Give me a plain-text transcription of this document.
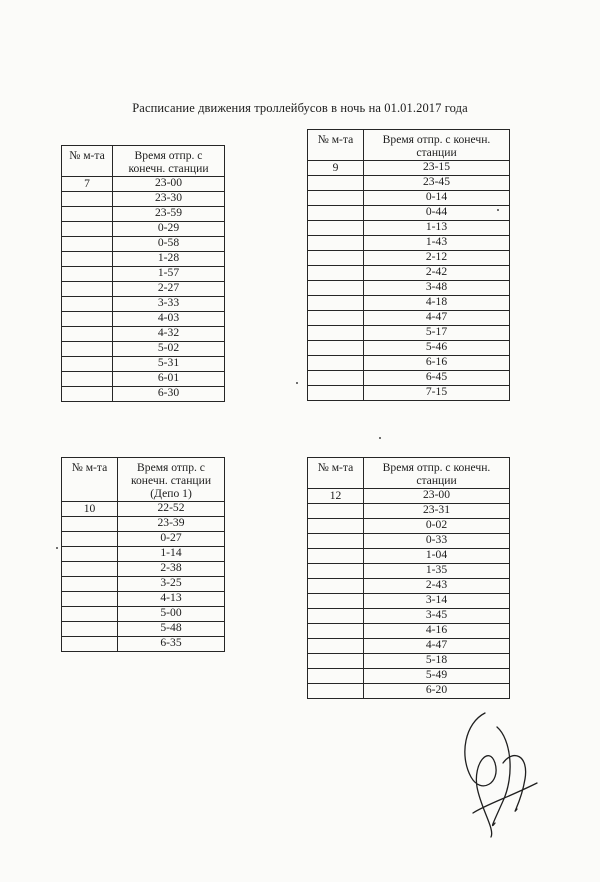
Расписание движения троллейбусов в ночь на 01.01.2017 года
№ м-та	Время отпр. с конечн. станции
7	23-00
	23-30
	23-59
	0-29
	0-58
	1-28
	1-57
	2-27
	3-33
	4-03
	4-32
	5-02
	5-31
	6-01
	6-30
№ м-та	Время отпр. с конечн. станции
9	23-15
	23-45
	0-14
	0-44
	1-13
	1-43
	2-12
	2-42
	3-48
	4-18
	4-47
	5-17
	5-46
	6-16
	6-45
	7-15
№ м-та	Время отпр. с конечн. станции (Депо 1)
10	22-52
	23-39
	0-27
	1-14
	2-38
	3-25
	4-13
	5-00
	5-48
	6-35
№ м-та	Время отпр. с конечн. станции
12	23-00
	23-31
	0-02
	0-33
	1-04
	1-35
	2-43
	3-14
	3-45
	4-16
	4-47
	5-18
	5-49
	6-20
